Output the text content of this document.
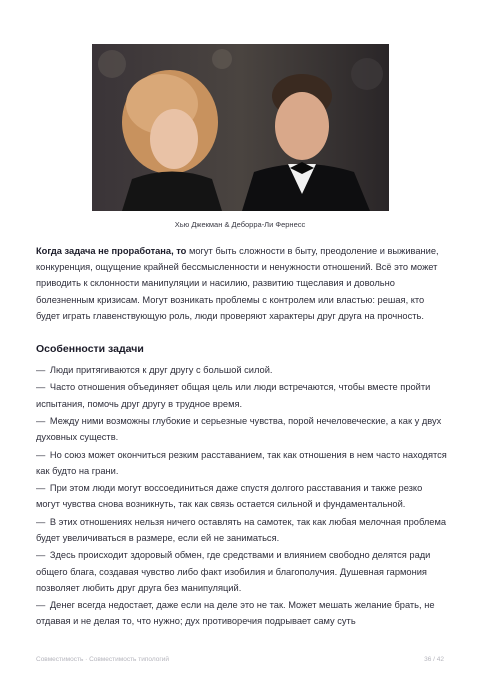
Хью Джекман & Деборра-Ли Фернесс

Когда задача не проработана, то могут быть сложности в быту, преодоление и выживание, конкуренция, ощущение крайней бессмысленности и ненужности отношений. Всё это может приводить к склонности манипуляции и насилию, развитию тщеславия и довольно болезненным кризисам. Могут возникать проблемы с контролем или властью: решая, кто будет играть главенствующую роль, люди проверяют характеры друг друга на прочность.

Особенности задачи
— Люди притягиваются к друг другу с большой силой.
— Часто отношения объединяет общая цель или люди встречаются, чтобы вместе пройти испытания, помочь друг другу в трудное время.
— Между ними возможны глубокие и серьезные чувства, порой нечеловеческие, а как у двух духовных существ.
— Но союз может окончиться резким расставанием, так как отношения в нем часто находятся как будто на грани.
— При этом люди могут воссоединиться даже спустя долгого расставания и также резко могут чувства снова возникнуть, так как связь остается сильной и фундаментальной.
— В этих отношениях нельзя ничего оставлять на самотек, так как любая мелочная проблема будет увеличиваться в размере, если ей не заниматься.
— Здесь происходит здоровый обмен, где средствами и влиянием свободно делятся ради общего блага, создавая чувство либо факт изобилия и благополучия. Душевная гармония позволяет любить друг друга без манипуляций.
— Денег всегда недостает, даже если на деле это не так. Может мешать желание брать, не отдавая и не делая то, что нужно; дух противоречия подрывает саму суть
Совместимость · Совместимость типологий	36 / 42
